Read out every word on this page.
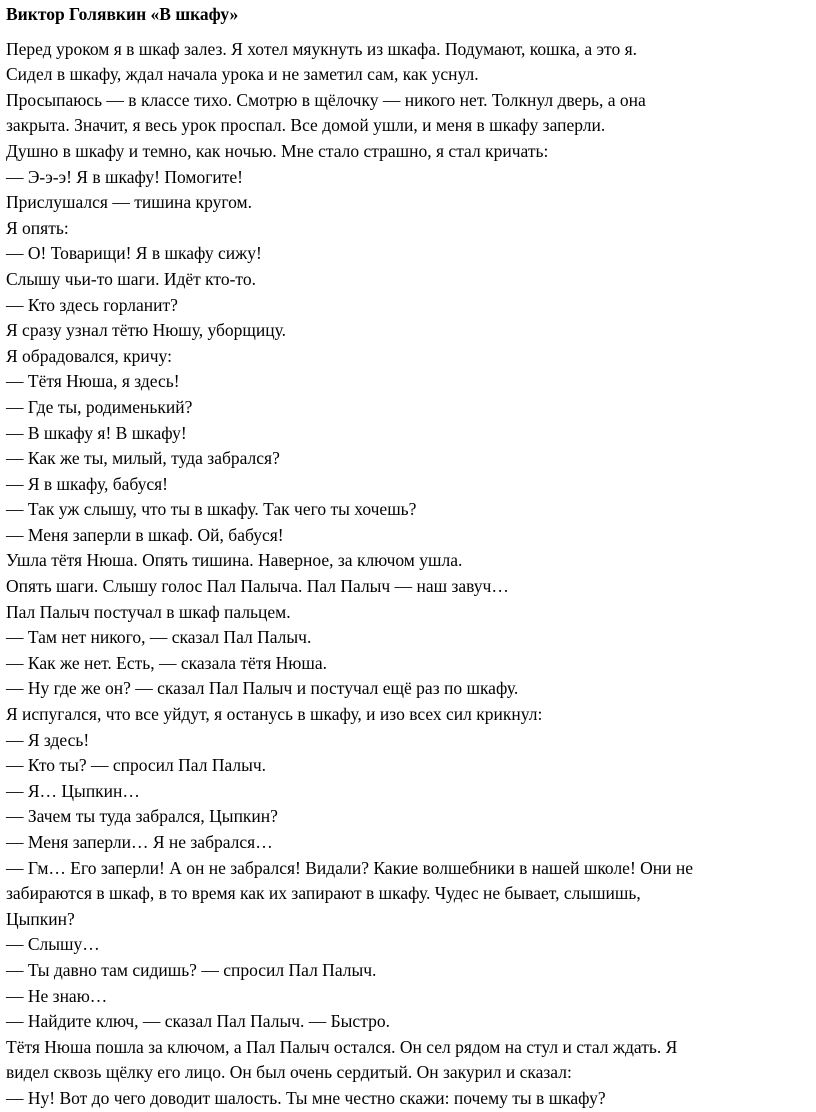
Виктор Голявкин «В шкафу»

Перед уроком я в шкаф залез. Я хотел мяукнуть из шкафа. Подумают, кошка, а это я.

Сидел в шкафу, ждал начала урока и не заметил сам, как уснул.

Просыпаюсь — в классе тихо. Смотрю в щёлочку — никого нет. Толкнул дверь, а она

закрыта. Значит, я весь урок проспал. Все домой ушли, и меня в шкафу заперли.

Душно в шкафу и темно, как ночью. Мне стало страшно, я стал кричать:

— Э-э-э! Я в шкафу! Помогите!

Прислушался — тишина кругом.

Я опять:

— О! Товарищи! Я в шкафу сижу!

Слышу чьи-то шаги. Идёт кто-то.

— Кто здесь горланит?

Я сразу узнал тётю Нюшу, уборщицу.

Я обрадовался, кричу:

— Тётя Нюша, я здесь!

— Где ты, родименький?

— В шкафу я! В шкафу!

— Как же ты, милый, туда забрался?

— Я в шкафу, бабуся!

— Так уж слышу, что ты в шкафу. Так чего ты хочешь?

— Меня заперли в шкаф. Ой, бабуся!

Ушла тётя Нюша. Опять тишина. Наверное, за ключом ушла.

Опять шаги. Слышу голос Пал Палыча. Пал Палыч — наш завуч…

Пал Палыч постучал в шкаф пальцем.

— Там нет никого, — сказал Пал Палыч.

— Как же нет. Есть, — сказала тётя Нюша.

— Ну где же он? — сказал Пал Палыч и постучал ещё раз по шкафу.

Я испугался, что все уйдут, я останусь в шкафу, и изо всех сил крикнул:

— Я здесь!

— Кто ты? — спросил Пал Палыч.

— Я… Цыпкин…

— Зачем ты туда забрался, Цыпкин?

— Меня заперли… Я не забрался…

— Гм… Его заперли! А он не забрался! Видали? Какие волшебники в нашей школе! Они не

забираются в шкаф, в то время как их запирают в шкафу. Чудес не бывает, слышишь,

Цыпкин?

— Слышу…

— Ты давно там сидишь? — спросил Пал Палыч.

— Не знаю…

— Найдите ключ, — сказал Пал Палыч. — Быстро.

Тётя Нюша пошла за ключом, а Пал Палыч остался. Он сел рядом на стул и стал ждать. Я

видел сквозь щёлку его лицо. Он был очень сердитый. Он закурил и сказал:

— Ну! Вот до чего доводит шалость. Ты мне честно скажи: почему ты в шкафу?
